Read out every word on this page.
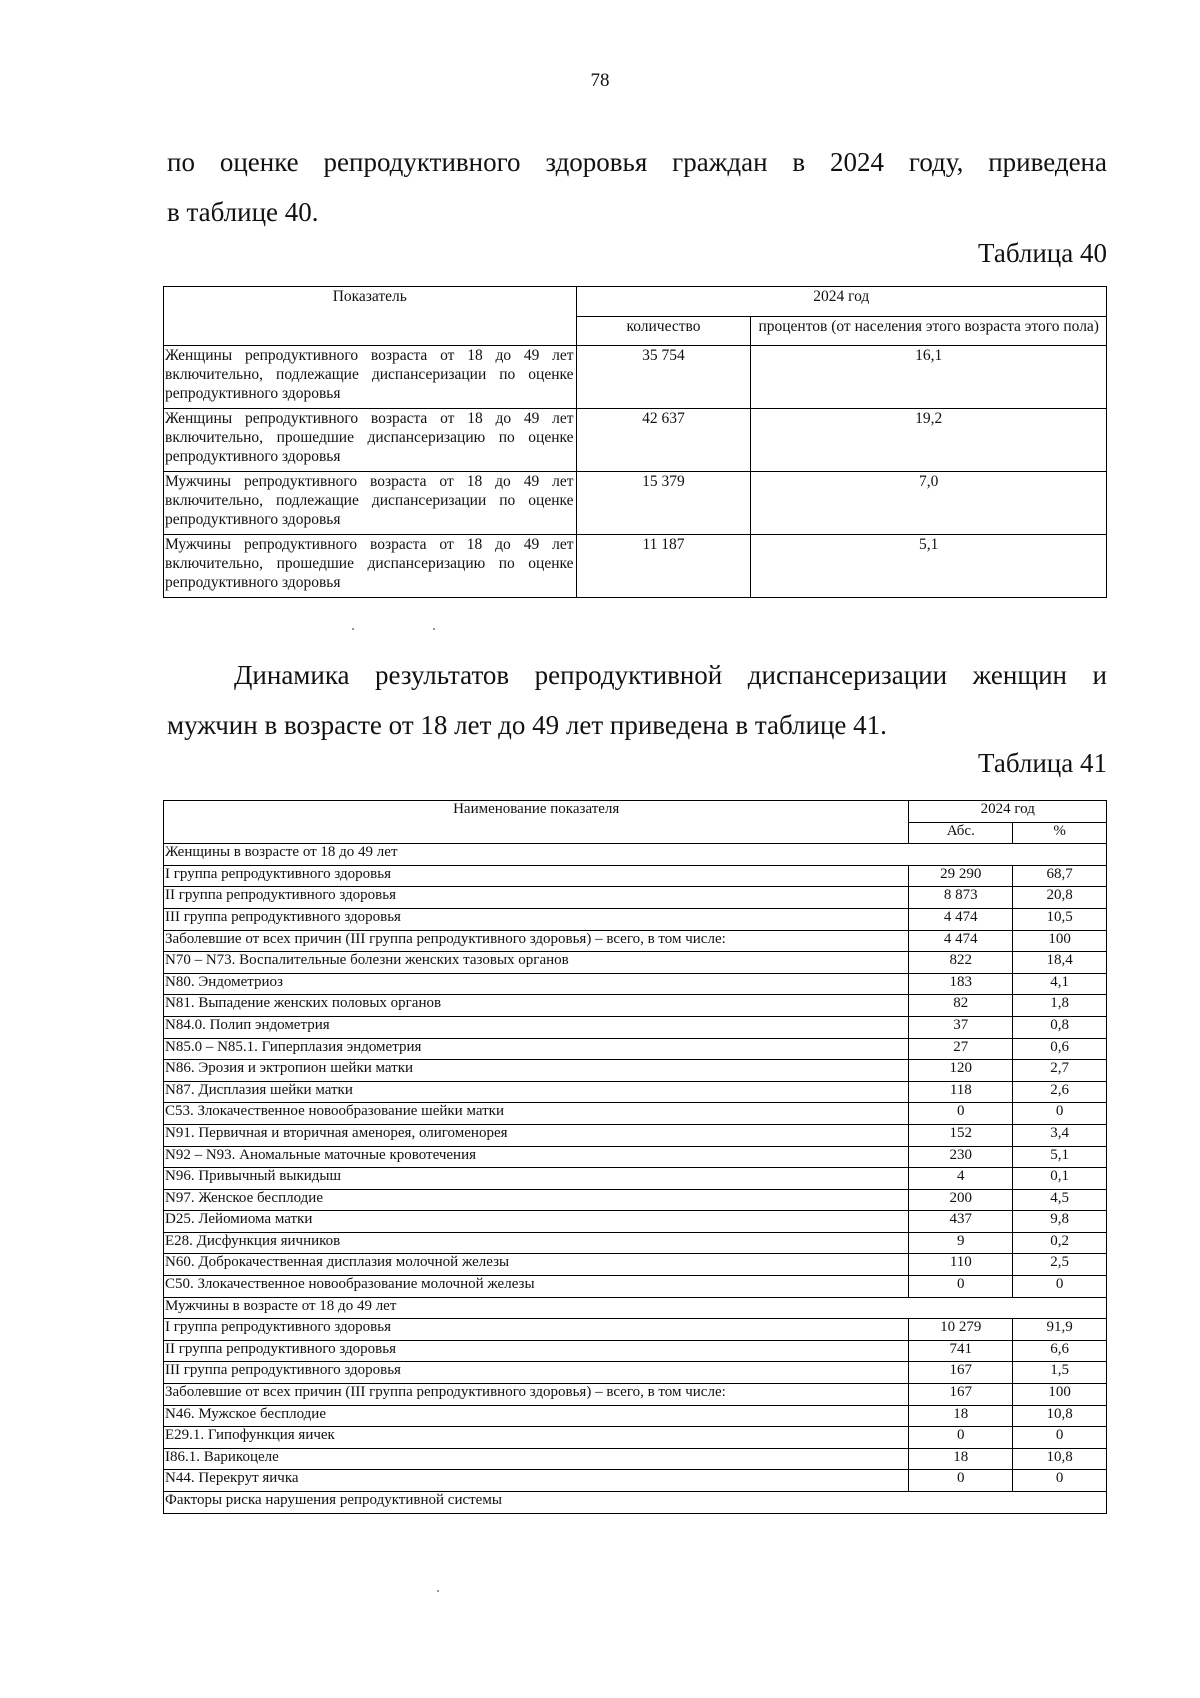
78
по оценке репродуктивного здоровья граждан в 2024 году, приведена
в таблице 40.
Таблица 40
Показатель	2024 год	
	количество	процентов (от населения этого возраста этого пола)
Женщины репродуктивного возраста от 18 до 49 лет включительно, подлежащие диспансеризации по оценке репродуктивного здоровья	35 754	16,1
Женщины репродуктивного возраста от 18 до 49 лет включительно, прошедшие диспансеризацию по оценке репродуктивного здоровья	42 637	19,2
Мужчины репродуктивного возраста от 18 до 49 лет включительно, подлежащие диспансеризации по оценке репродуктивного здоровья	15 379	7,0
Мужчины репродуктивного возраста от 18 до 49 лет включительно, прошедшие диспансеризацию по оценке репродуктивного здоровья	11 187	5,1
Динамика результатов репродуктивной диспансеризации женщин и
мужчин в возрасте от 18 лет до 49 лет приведена в таблице 41.
Таблица 41
Наименование показателя	2024 год	
	Абс.	%
Женщины в возрасте от 18 до 49 лет		
I группа репродуктивного здоровья	29 290	68,7
II группа репродуктивного здоровья	8 873	20,8
III группа репродуктивного здоровья	4 474	10,5
Заболевшие от всех причин (III группа репродуктивного здоровья) – всего, в том числе:	4 474	100
N70 – N73. Воспалительные болезни женских тазовых органов	822	18,4
N80. Эндометриоз	183	4,1
N81. Выпадение женских половых органов	82	1,8
N84.0. Полип эндометрия	37	0,8
N85.0 – N85.1. Гиперплазия эндометрия	27	0,6
N86. Эрозия и эктропион шейки матки	120	2,7
N87. Дисплазия шейки матки	118	2,6
C53. Злокачественное новообразование шейки матки	0	0
N91. Первичная и вторичная аменорея, олигоменорея	152	3,4
N92 – N93. Аномальные маточные кровотечения	230	5,1
N96. Привычный выкидыш	4	0,1
N97. Женское бесплодие	200	4,5
D25. Лейомиома матки	437	9,8
E28. Дисфункция яичников	9	0,2
N60. Доброкачественная дисплазия молочной железы	110	2,5
C50. Злокачественное новообразование молочной железы	0	0
Мужчины в возрасте от 18 до 49 лет		
I группа репродуктивного здоровья	10 279	91,9
II группа репродуктивного здоровья	741	6,6
III группа репродуктивного здоровья	167	1,5
Заболевшие от всех причин (III группа репродуктивного здоровья) – всего, в том числе:	167	100
N46. Мужское бесплодие	18	10,8
E29.1. Гипофункция яичек	0	0
I86.1. Варикоцеле	18	10,8
N44. Перекрут яичка	0	0
Факторы риска нарушения репродуктивной системы		
